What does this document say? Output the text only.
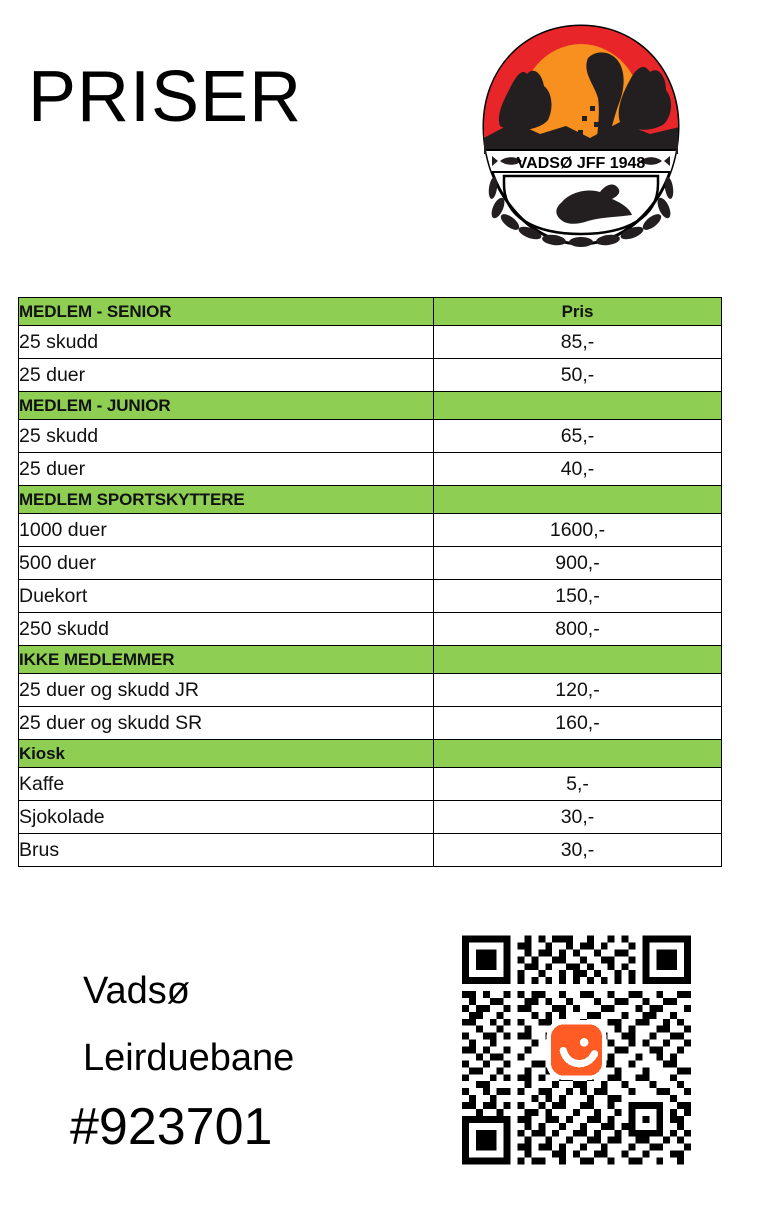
PRISER
VADSØ JFF 1948
MEDLEM - SENIOR	Pris
25 skudd	85,-
25 duer	50,-
MEDLEM - JUNIOR	
25 skudd	65,-
25 duer	40,-
MEDLEM SPORTSKYTTERE	
1000 duer	1600,-
500 duer	900,-
Duekort	150,-
250 skudd	800,-
IKKE MEDLEMMER	
25 duer og skudd JR	120,-
25 duer og skudd SR	160,-
Kiosk	
Kaffe	5,-
Sjokolade	30,-
Brus	30,-
Vadsø
Leirduebane
#923701
